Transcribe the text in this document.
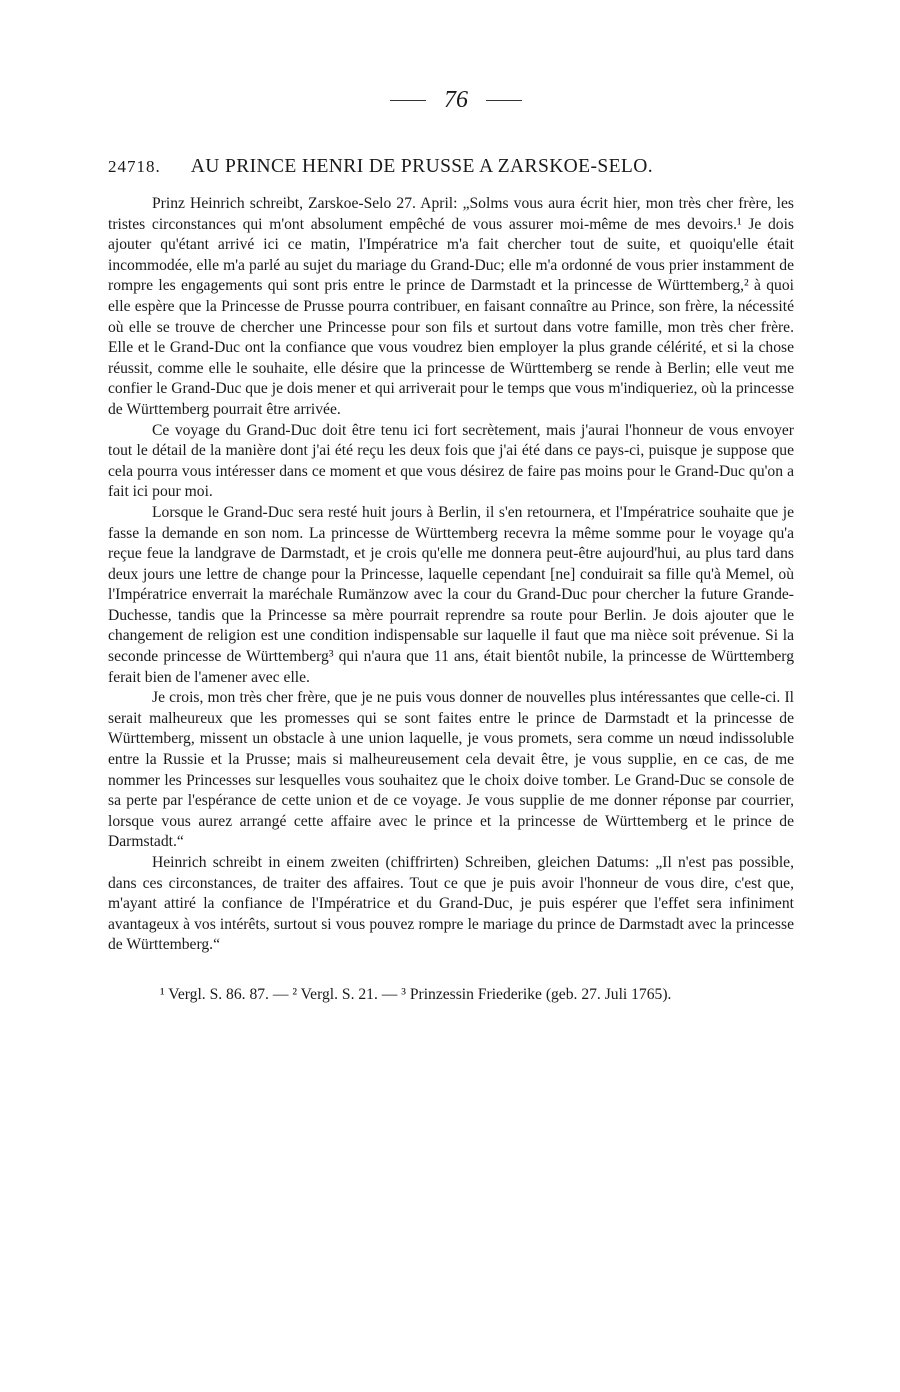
76
24718. AU PRINCE HENRI DE PRUSSE A ZARSKOE-SELO.

Prinz Heinrich schreibt, Zarskoe-Selo 27. April: „Solms vous aura écrit hier, mon très cher frère, les tristes circonstances qui m'ont absolument empêché de vous assurer moi-même de mes devoirs.¹ Je dois ajouter qu'étant arrivé ici ce matin, l'Impératrice m'a fait chercher tout de suite, et quoiqu'elle était incommodée, elle m'a parlé au sujet du mariage du Grand-Duc; elle m'a ordonné de vous prier instamment de rompre les engagements qui sont pris entre le prince de Darmstadt et la princesse de Württemberg,² à quoi elle espère que la Princesse de Prusse pourra contribuer, en faisant connaître au Prince, son frère, la nécessité où elle se trouve de chercher une Princesse pour son fils et surtout dans votre famille, mon très cher frère. Elle et le Grand-Duc ont la confiance que vous voudrez bien employer la plus grande célérité, et si la chose réussit, comme elle le souhaite, elle désire que la princesse de Württemberg se rende à Berlin; elle veut me confier le Grand-Duc que je dois mener et qui arriverait pour le temps que vous m'indiqueriez, où la princesse de Württemberg pourrait être arrivée.

Ce voyage du Grand-Duc doit être tenu ici fort secrètement, mais j'aurai l'honneur de vous envoyer tout le détail de la manière dont j'ai été reçu les deux fois que j'ai été dans ce pays-ci, puisque je suppose que cela pourra vous intéresser dans ce moment et que vous désirez de faire pas moins pour le Grand-Duc qu'on a fait ici pour moi.

Lorsque le Grand-Duc sera resté huit jours à Berlin, il s'en retournera, et l'Impératrice souhaite que je fasse la demande en son nom. La princesse de Württemberg recevra la même somme pour le voyage qu'a reçue feue la landgrave de Darmstadt, et je crois qu'elle me donnera peut-être aujourd'hui, au plus tard dans deux jours une lettre de change pour la Princesse, laquelle cependant [ne] conduirait sa fille qu'à Memel, où l'Impératrice enverrait la maréchale Rumänzow avec la cour du Grand-Duc pour chercher la future Grande-Duchesse, tandis que la Princesse sa mère pourrait reprendre sa route pour Berlin. Je dois ajouter que le changement de religion est une condition indispensable sur laquelle il faut que ma nièce soit prévenue. Si la seconde princesse de Württemberg³ qui n'aura que 11 ans, était bientôt nubile, la princesse de Württemberg ferait bien de l'amener avec elle.

Je crois, mon très cher frère, que je ne puis vous donner de nouvelles plus intéressantes que celle-ci. Il serait malheureux que les promesses qui se sont faites entre le prince de Darmstadt et la princesse de Württemberg, missent un obstacle à une union laquelle, je vous promets, sera comme un nœud indissoluble entre la Russie et la Prusse; mais si malheureusement cela devait être, je vous supplie, en ce cas, de me nommer les Princesses sur lesquelles vous souhaitez que le choix doive tomber. Le Grand-Duc se console de sa perte par l'espérance de cette union et de ce voyage. Je vous supplie de me donner réponse par courrier, lorsque vous aurez arrangé cette affaire avec le prince et la princesse de Württemberg et le prince de Darmstadt.“

Heinrich schreibt in einem zweiten (chiffrirten) Schreiben, gleichen Datums: „Il n'est pas possible, dans ces circonstances, de traiter des affaires. Tout ce que je puis avoir l'honneur de vous dire, c'est que, m'ayant attiré la confiance de l'Impératrice et du Grand-Duc, je puis espérer que l'effet sera infiniment avantageux à vos intérêts, surtout si vous pouvez rompre le mariage du prince de Darmstadt avec la princesse de Württemberg.“

¹ Vergl. S. 86. 87. — ² Vergl. S. 21. — ³ Prinzessin Friederike (geb. 27. Juli 1765).
